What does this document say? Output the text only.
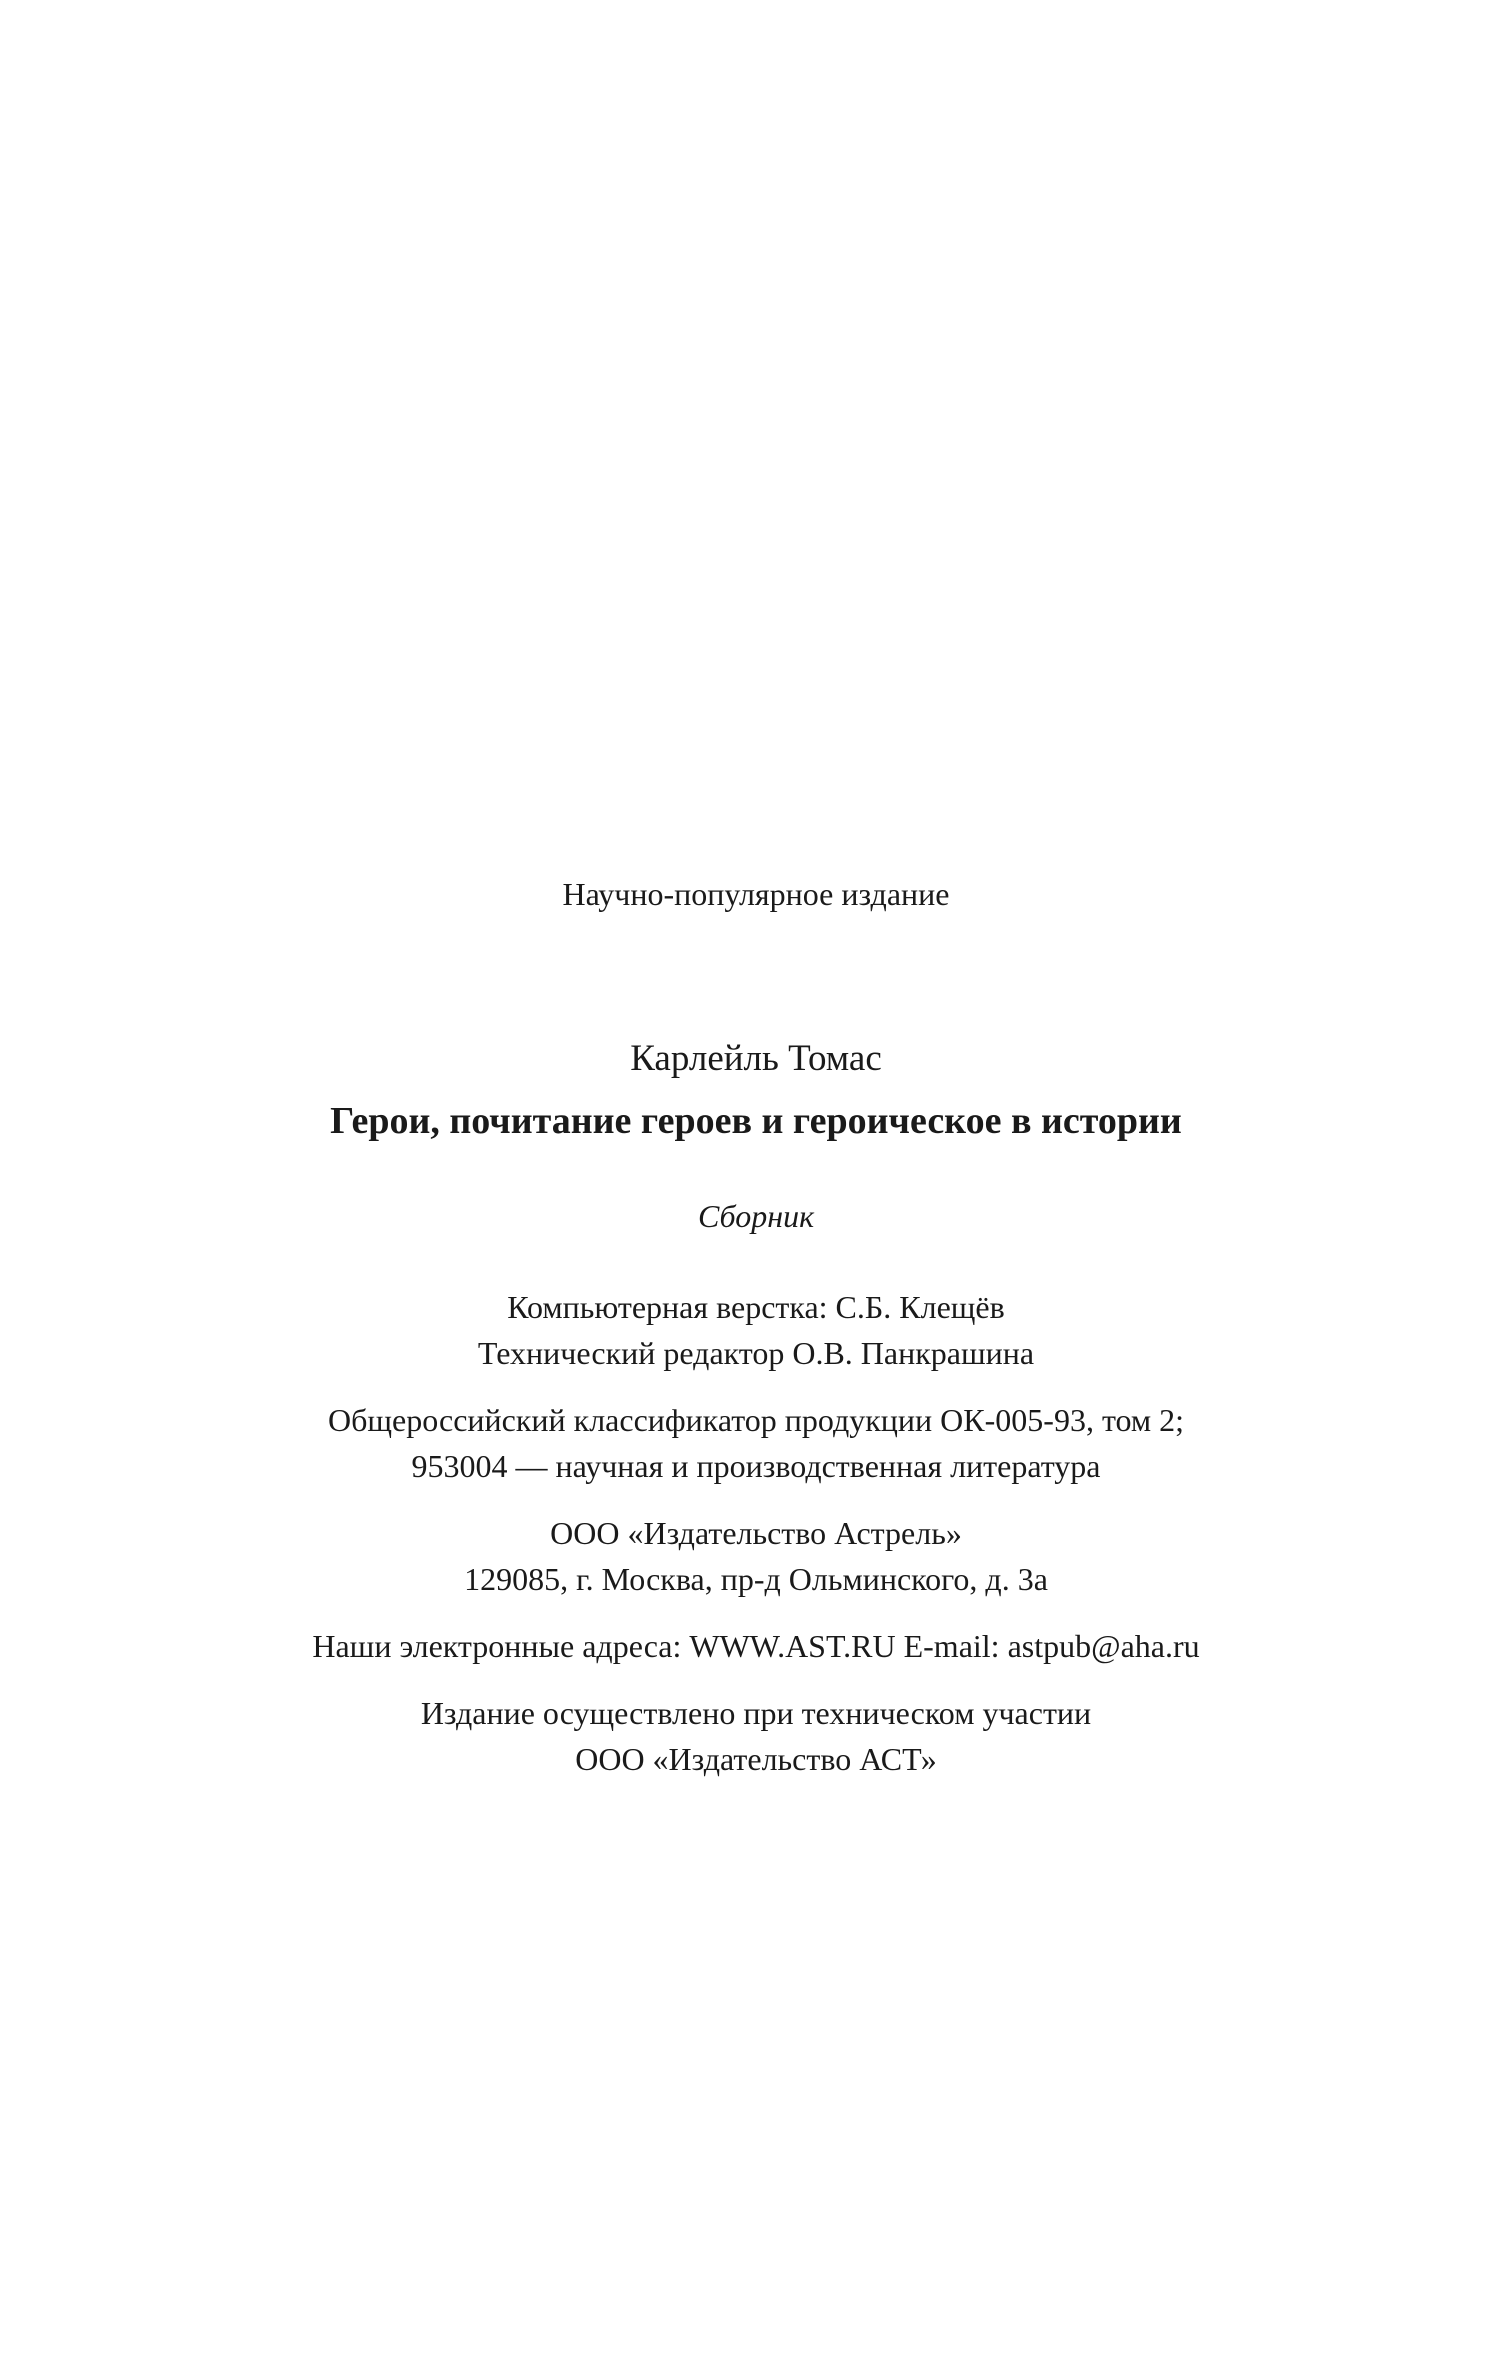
Научно-популярное издание
Карлейль Томас
Герои, почитание героев и героическое в истории
Сборник
Компьютерная верстка: С.Б. Клещёв
Технический редактор О.В. Панкрашина
Общероссийский классификатор продукции ОК-005-93, том 2;
953004 — научная и производственная литература
ООО «Издательство Астрель»
129085, г. Москва, пр-д Ольминского, д. 3а
Наши электронные адреса: WWW.AST.RU E-mail: astpub@aha.ru
Издание осуществлено при техническом участии
ООО «Издательство АСТ»
